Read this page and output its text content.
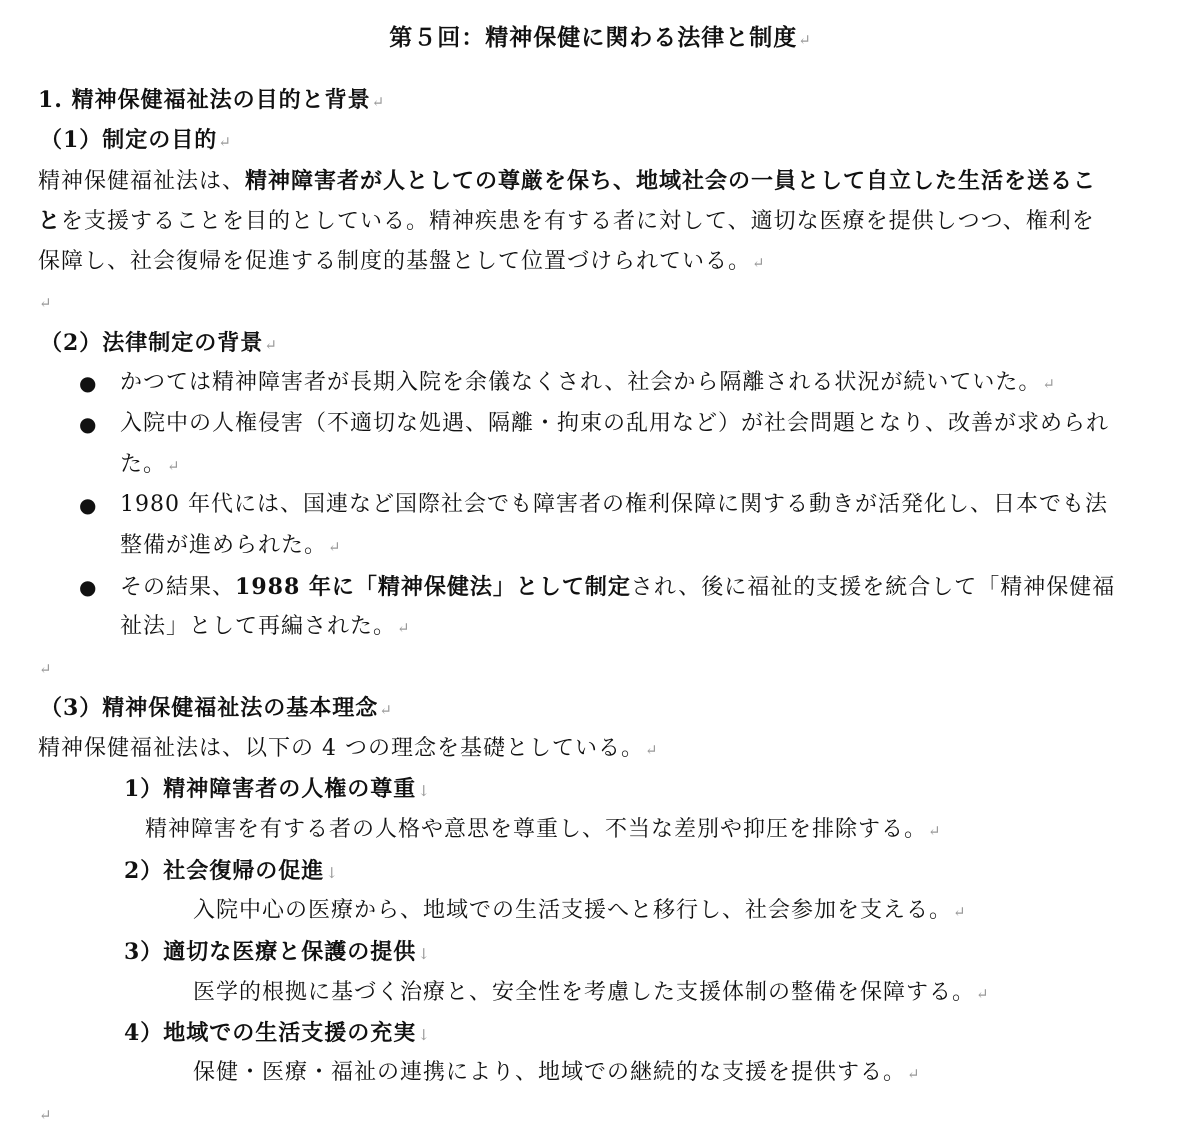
第５回：精神保健に関わる法律と制度↵
1. 精神保健福祉法の目的と背景↵
（1）制定の目的↵
精神保健福祉法は、精神障害者が人としての尊厳を保ち、地域社会の一員として自立した生活を送るこ
とを支援することを目的としている。精神疾患を有する者に対して、適切な医療を提供しつつ、権利を
保障し、社会復帰を促進する制度的基盤として位置づけられている。↵
↵
（2）法律制定の背景↵
● かつては精神障害者が長期入院を余儀なくされ、社会から隔離される状況が続いていた。↵
● 入院中の人権侵害（不適切な処遇、隔離・拘束の乱用など）が社会問題となり、改善が求められ
た。↵
● 1980 年代には、国連など国際社会でも障害者の権利保障に関する動きが活発化し、日本でも法
整備が進められた。↵
● その結果、1988 年に「精神保健法」として制定され、後に福祉的支援を統合して「精神保健福
祉法」として再編された。↵
↵
（3）精神保健福祉法の基本理念↵
精神保健福祉法は、以下の 4 つの理念を基礎としている。↵
1）精神障害者の人権の尊重↓
精神障害を有する者の人格や意思を尊重し、不当な差別や抑圧を排除する。↵
2）社会復帰の促進↓
入院中心の医療から、地域での生活支援へと移行し、社会参加を支える。↵
3）適切な医療と保護の提供↓
医学的根拠に基づく治療と、安全性を考慮した支援体制の整備を保障する。↵
4）地域での生活支援の充実↓
保健・医療・福祉の連携により、地域での継続的な支援を提供する。↵
↵
